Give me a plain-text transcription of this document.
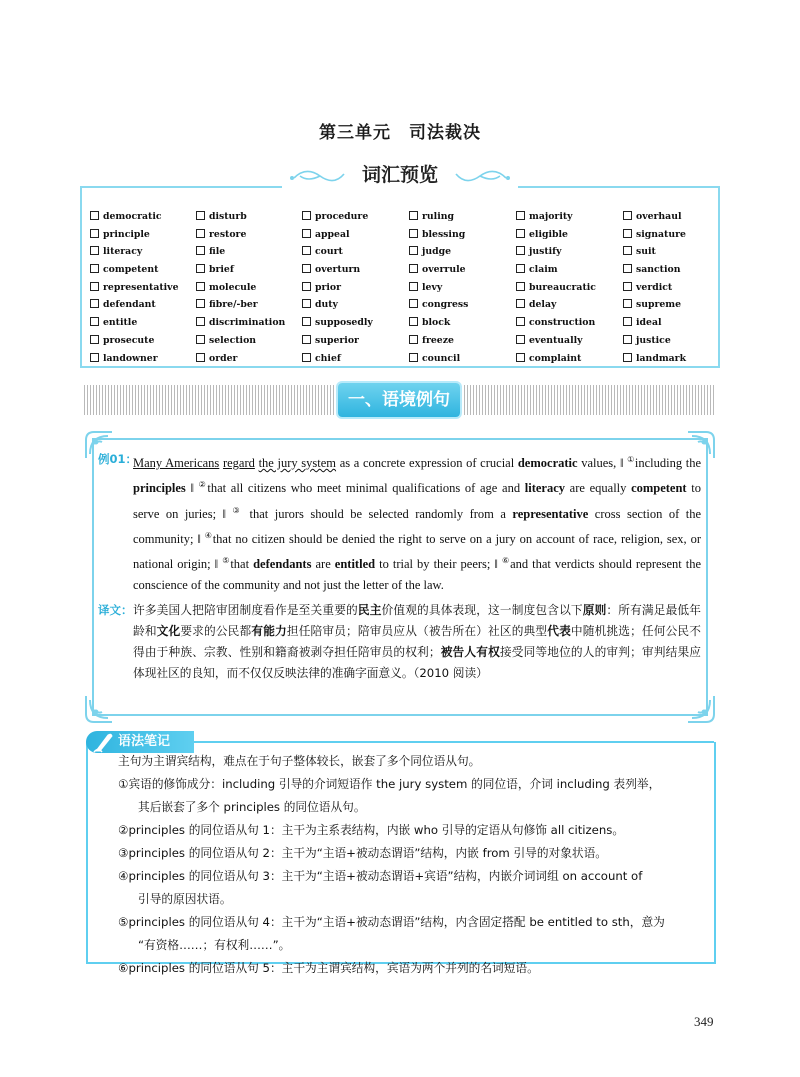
第三单元　司法裁决
democratic
principle
literacy
competent
representative
defendant
entitle
prosecute
landowner
disturb
restore
file
brief
molecule
fibre/-ber
discrimination
selection
order
procedure
appeal
court
overturn
prior
duty
supposedly
superior
chief
ruling
blessing
judge
overrule
levy
congress
block
freeze
council
majority
eligible
justify
claim
bureaucratic
delay
construction
eventually
complaint
overhaul
signature
suit
sanction
verdict
supreme
ideal
justice
landmark
词汇预览
一、语境例句
例01：
Many Americans regard the jury system as a concrete expression of crucial democratic values, ‖ ①including the principles ‖ ②that all citizens who meet minimal qualifications of age and literacy are equally competent to serve on juries; ‖ ③ that jurors should be selected randomly from a representative cross section of the community; ‖ ④that no citizen should be denied the right to serve on a jury on account of race, religion, sex, or national origin; ‖ ⑤that defendants are entitled to trial by their peers; ‖ ⑥and that verdicts should represent the conscience of the community and not just the letter of the law.
译文： 许多美国人把陪审团制度看作是至关重要的民主价值观的具体表现，这一制度包含以下原则：所有满足最低年龄和文化要求的公民都有能力担任陪审员；陪审员应从（被告所在）社区的典型代表中随机挑选；任何公民不得由于种族、宗教、性别和籍裔被剥夺担任陪审员的权利；被告人有权接受同等地位的人的审判；审判结果应体现社区的良知，而不仅仅反映法律的准确字面意义。（2010 阅读）
语法笔记

主句为主谓宾结构，难点在于句子整体较长，嵌套了多个同位语从句。

①宾语的修饰成分：including 引导的介词短语作 the jury system 的同位语，介词 including 表列举，

其后嵌套了多个 principles 的同位语从句。

②principles 的同位语从句 1：主干为主系表结构，内嵌 who 引导的定语从句修饰 all citizens。

③principles 的同位语从句 2：主干为“主语+被动态谓语”结构，内嵌 from 引导的对象状语。

④principles 的同位语从句 3：主干为“主语+被动态谓语+宾语”结构，内嵌介词词组 on account of

引导的原因状语。

⑤principles 的同位语从句 4：主干为“主语+被动态谓语”结构，内含固定搭配 be entitled to sth，意为

“有资格……；有权利……”。

⑥principles 的同位语从句 5：主干为主谓宾结构，宾语为两个并列的名词短语。

349
